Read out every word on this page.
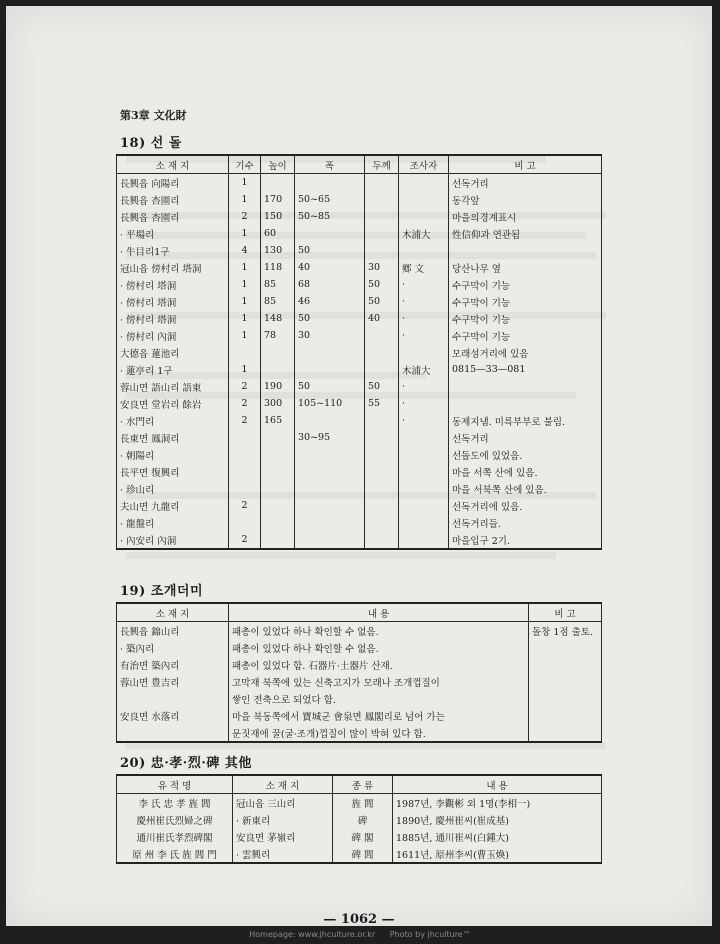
第3章 文化財
18) 선 돌
소 재 지	기수	높이	폭	두께	조사자	비 고
長興읍 向陽리	1					선독거리
長興읍 杏園리	1	170	50~65			동각앞
長興읍 杏園리	2	150	50~85			마을의경계표시
· 平場리	1	60			木浦大	性信仰과 연관됨
· 牛目리1구	4	130	50			
冠山읍 傍村리 塔洞	1	118	40	30	鄕 文	당산나무 옆
· 傍村리 塔洞	1	85	68	50	·	수구막이 기능
· 傍村리 塔洞	1	85	46	50	·	수구막이 기능
· 傍村리 塔洞	1	148	50	40	·	수구막이 기능
· 傍村리 內洞	1	78	30		·	수구막이 기능
大德읍 蓮池리						모래섬거리에 있음
· 蓮亭리 1구	1				木浦大	0815—33—081
蓉山면 語山리 語東	2	190	50	50	·	
安良면 堂岩리 餘岩	2	300	105~110	55	·	
· 水門리	2	165			·	동제지냄. 미륵부부로 불림.
長東면 鳳洞리			30~95			선독거리
· 朝陽리						선돌도에 있었음.
長平면 復興리						마을 서쪽 산에 있음.
· 珍山리						마을 서북쪽 산에 있음.
夫山면 九龍리	2					선독거리에 있음.
· 龍盤리						선독거리들.
· 內安리 內洞	2					마을입구 2기.
19) 조개더미
소 재 지	내 용	비 고
長興읍 錦山리	패총이 있었다 하나 확인할 수 없음.	돌창 1점 출토.
· 築內리	패총이 있었다 하나 확인할 수 없음.	
有治면 築內리	패총이 있었다 함. 石器片·土器片 산재.	
蓉山면 豊吉리	고막재 북쪽에 있는 신축고지가 모래나 조개껍질이	
	쌓인 전축으로 되었다 함.	
安良면 水落리	마을 북동쪽에서 寶城군 會泉면 鳳閣리로 넘어 가는	
	문짓재에 꿀(굴·조개)껍질이 많이 박혀 있다 함.	
20) 忠·孝·烈·碑 其他
유 적 명	소 재 지	종 류	내 용
李 氏 忠 孝 旌 閭	冠山읍 三山리	旌 閭	1987년, 李觀彬 외 1명(李相一)
慶州崔氏烈婦之碑	· 新東리	碑	1890년, 慶州崔씨(崔成基)
通川崔氏孝烈碑閣	安良면 茅嶺리	碑 閣	1885년, 通川崔씨(白鍾大)
原 州 李 氏 旌 閭 門	· 雲興리	碑 閭	1611년, 原州李씨(曹玉煥)
— 1062 —
Homepage: www.jhculture.or.kr Photo by jhculture™
